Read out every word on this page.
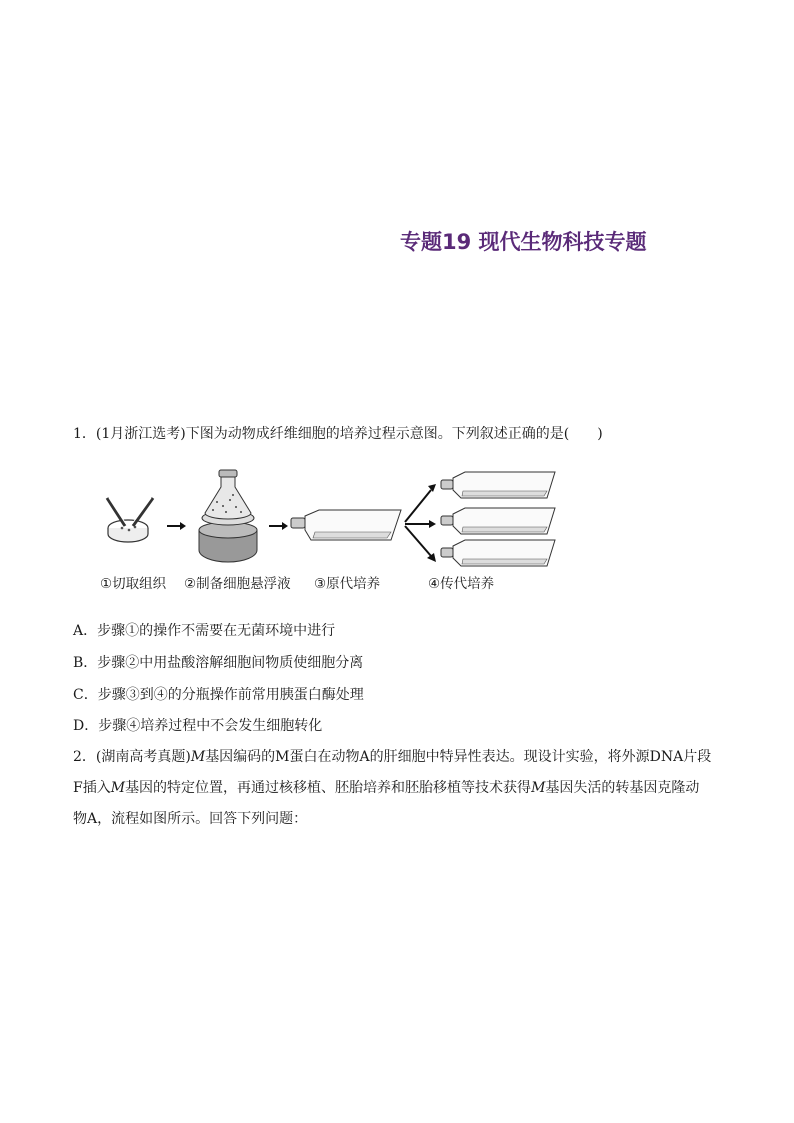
专题19 现代生物科技专题
1．(1月浙江选考)下图为动物成纤维细胞的培养过程示意图。下列叙述正确的是(　　)
①切取组织 ②制备细胞悬浮液 ③原代培养	④传代培养
A．步骤①的操作不需要在无菌环境中进行
B．步骤②中用盐酸溶解细胞间物质使细胞分离
C．步骤③到④的分瓶操作前常用胰蛋白酶处理
D．步骤④培养过程中不会发生细胞转化
2．(湖南高考真题)M基因编码的M蛋白在动物A的肝细胞中特异性表达。现设计实验，将外源DNA片段
F插入M基因的特定位置，再通过核移植、胚胎培养和胚胎移植等技术获得M基因失活的转基因克隆动
物A，流程如图所示。回答下列问题：
